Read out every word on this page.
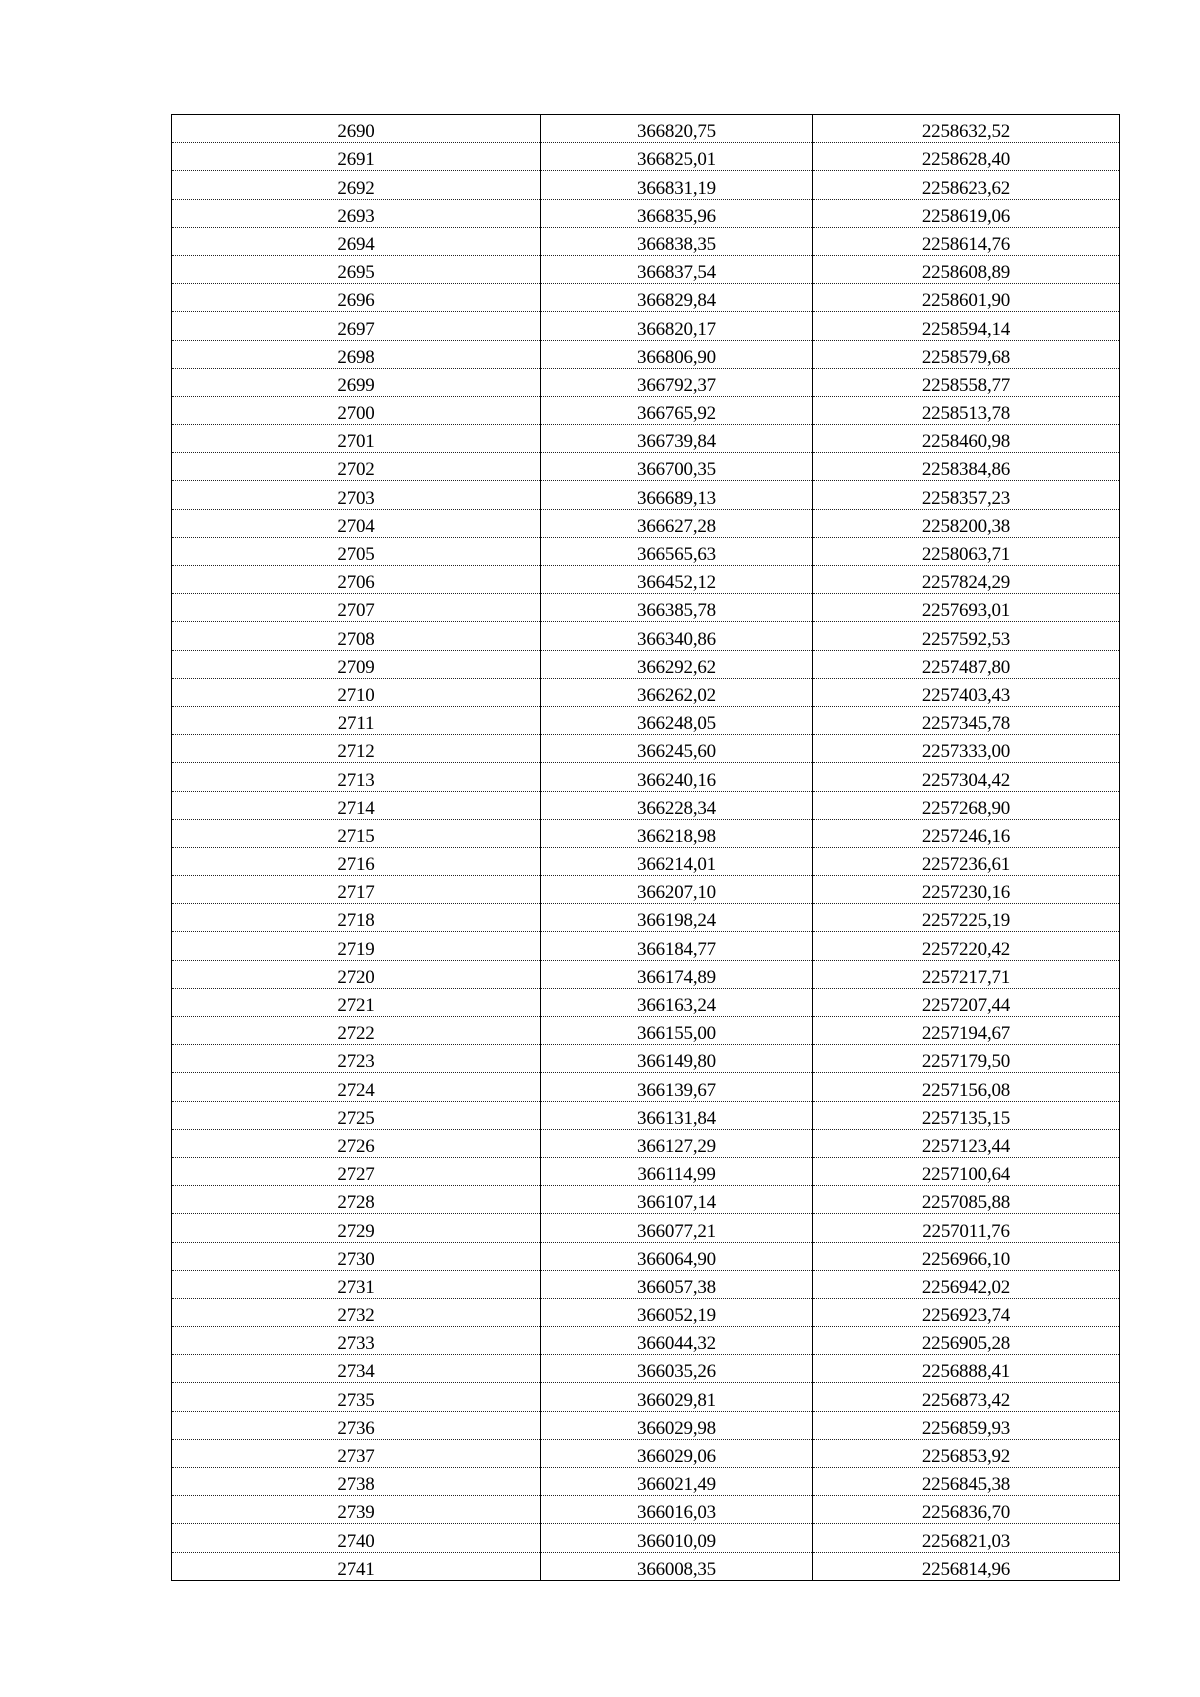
2690	366820,75	2258632,52
2691	366825,01	2258628,40
2692	366831,19	2258623,62
2693	366835,96	2258619,06
2694	366838,35	2258614,76
2695	366837,54	2258608,89
2696	366829,84	2258601,90
2697	366820,17	2258594,14
2698	366806,90	2258579,68
2699	366792,37	2258558,77
2700	366765,92	2258513,78
2701	366739,84	2258460,98
2702	366700,35	2258384,86
2703	366689,13	2258357,23
2704	366627,28	2258200,38
2705	366565,63	2258063,71
2706	366452,12	2257824,29
2707	366385,78	2257693,01
2708	366340,86	2257592,53
2709	366292,62	2257487,80
2710	366262,02	2257403,43
2711	366248,05	2257345,78
2712	366245,60	2257333,00
2713	366240,16	2257304,42
2714	366228,34	2257268,90
2715	366218,98	2257246,16
2716	366214,01	2257236,61
2717	366207,10	2257230,16
2718	366198,24	2257225,19
2719	366184,77	2257220,42
2720	366174,89	2257217,71
2721	366163,24	2257207,44
2722	366155,00	2257194,67
2723	366149,80	2257179,50
2724	366139,67	2257156,08
2725	366131,84	2257135,15
2726	366127,29	2257123,44
2727	366114,99	2257100,64
2728	366107,14	2257085,88
2729	366077,21	2257011,76
2730	366064,90	2256966,10
2731	366057,38	2256942,02
2732	366052,19	2256923,74
2733	366044,32	2256905,28
2734	366035,26	2256888,41
2735	366029,81	2256873,42
2736	366029,98	2256859,93
2737	366029,06	2256853,92
2738	366021,49	2256845,38
2739	366016,03	2256836,70
2740	366010,09	2256821,03
2741	366008,35	2256814,96
